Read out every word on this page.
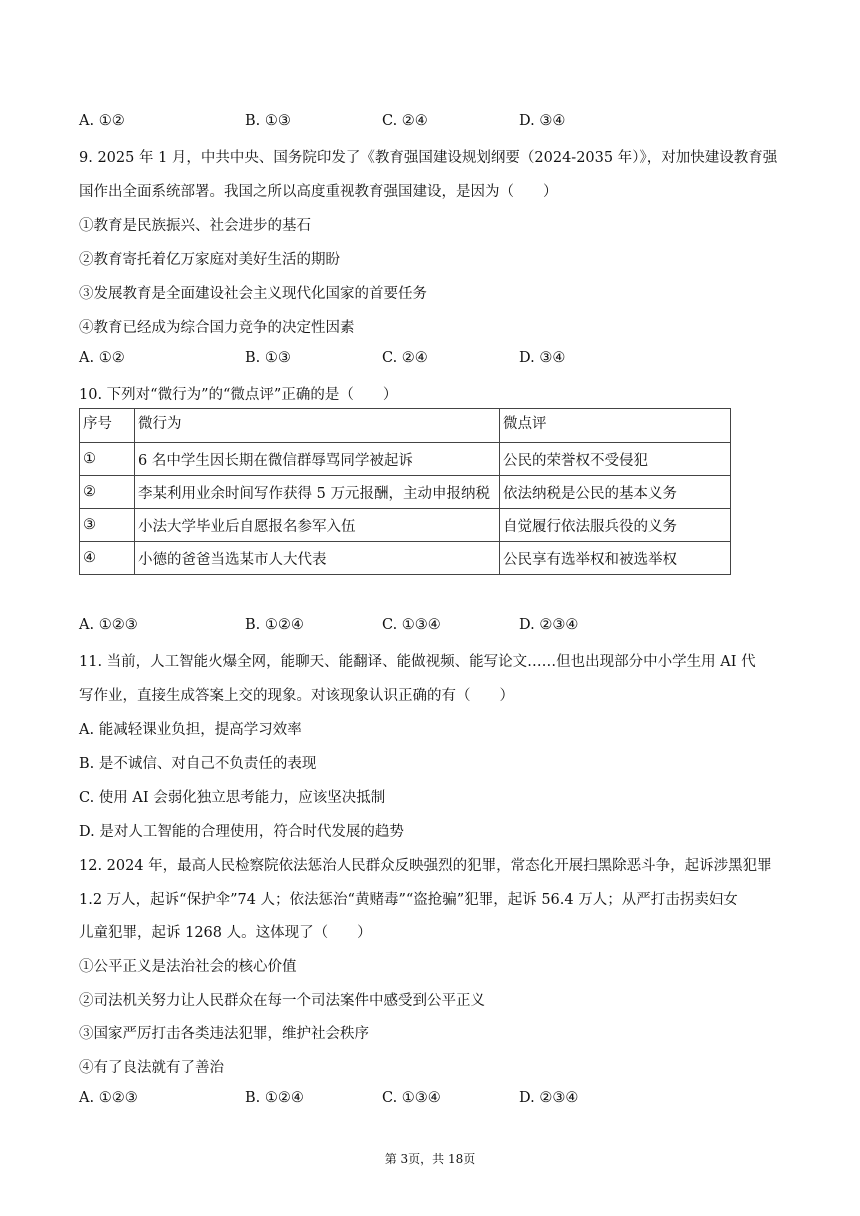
A. ①②	B. ①③	C. ②④	D. ③④
9. 2025 年 1 月，中共中央、国务院印发了《教育强国建设规划纲要（2024-2035 年）》，对加快建设教育强
国作出全面系统部署。我国之所以高度重视教育强国建设，是因为（　　）
①教育是民族振兴、社会进步的基石
②教育寄托着亿万家庭对美好生活的期盼
③发展教育是全面建设社会主义现代化国家的首要任务
④教育已经成为综合国力竞争的决定性因素
A. ①②	B. ①③	C. ②④	D. ③④
10. 下列对“微行为”的“微点评”正确的是（　　）
序号	微行为	微点评
①	6 名中学生因长期在微信群辱骂同学被起诉	公民的荣誉权不受侵犯
②	李某利用业余时间写作获得 5 万元报酬，主动申报纳税	依法纳税是公民的基本义务
③	小法大学毕业后自愿报名参军入伍	自觉履行依法服兵役的义务
④	小德的爸爸当选某市人大代表	公民享有选举权和被选举权
A. ①②③	B. ①②④	C. ①③④	D. ②③④
11. 当前，人工智能火爆全网，能聊天、能翻译、能做视频、能写论文……但也出现部分中小学生用 AI 代
写作业，直接生成答案上交的现象。对该现象认识正确的有（　　）
A. 能减轻课业负担，提高学习效率
B. 是不诚信、对自己不负责任的表现
C. 使用 AI 会弱化独立思考能力，应该坚决抵制
D. 是对人工智能的合理使用，符合时代发展的趋势
12. 2024 年，最高人民检察院依法惩治人民群众反映强烈的犯罪，常态化开展扫黑除恶斗争，起诉涉黑犯罪
1.2 万人，起诉“保护伞”74 人；依法惩治“黄赌毒”“盗抢骗”犯罪，起诉 56.4 万人；从严打击拐卖妇女
儿童犯罪，起诉 1268 人。这体现了（　　）
①公平正义是法治社会的核心价值
②司法机关努力让人民群众在每一个司法案件中感受到公平正义
③国家严厉打击各类违法犯罪，维护社会秩序
④有了良法就有了善治
A. ①②③	B. ①②④	C. ①③④	D. ②③④
第 3页，共 18页
